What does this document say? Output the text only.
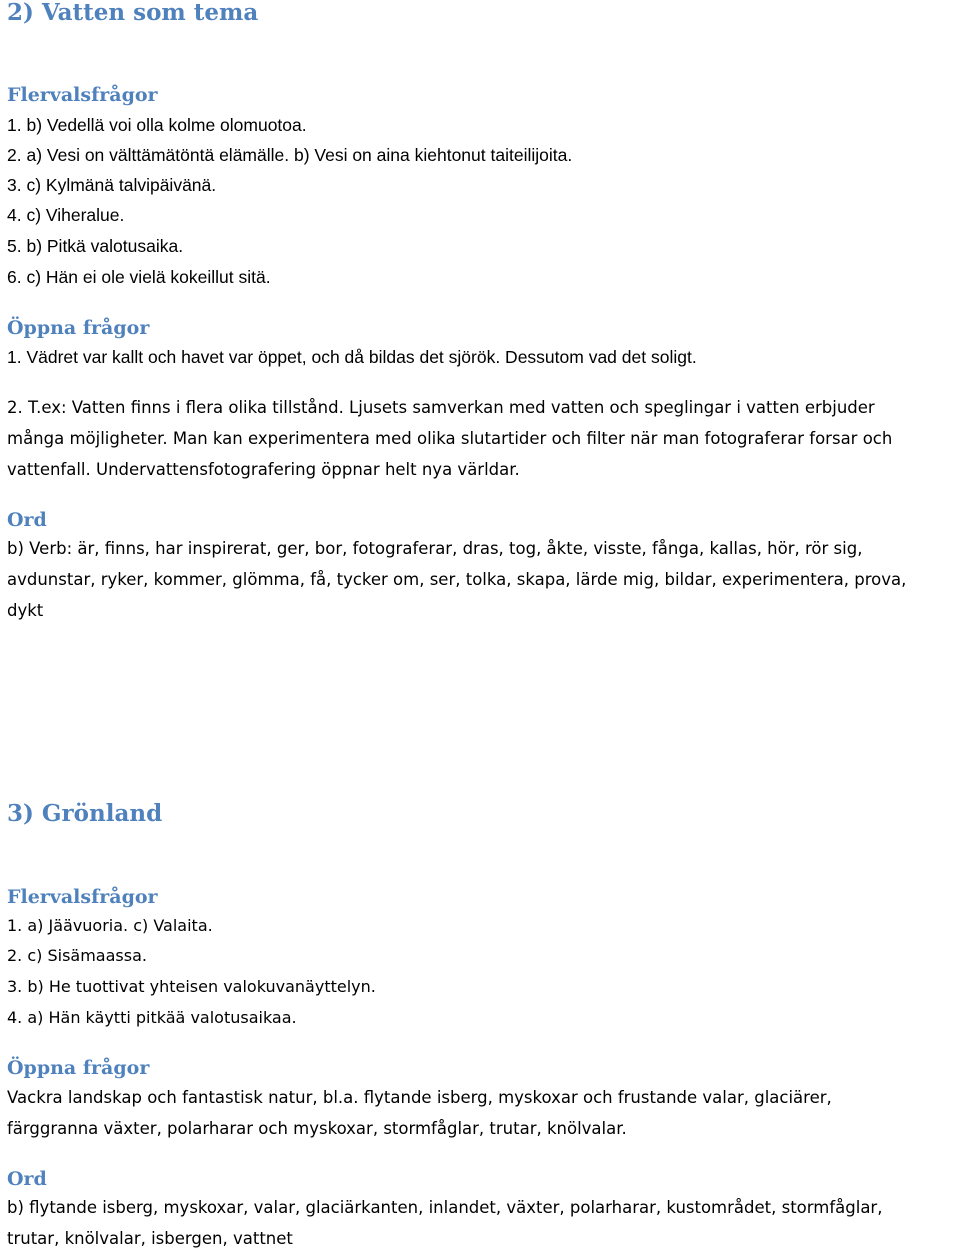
2) Vatten som tema
Flervalsfrågor
1. b) Vedellä voi olla kolme olomuotoa.
2. a) Vesi on välttämätöntä elämälle. b) Vesi on aina kiehtonut taiteilijoita.
3. c) Kylmänä talvipäivänä.
4. c) Viheralue.
5. b) Pitkä valotusaika.
6. c) Hän ei ole vielä kokeillut sitä.
Öppna frågor
1. Vädret var kallt och havet var öppet, och då bildas det sjörök. Dessutom vad det soligt.
2. T.ex: Vatten finns i flera olika tillstånd. Ljusets samverkan med vatten och speglingar i vatten erbjuder
många möjligheter. Man kan experimentera med olika slutartider och filter när man fotograferar forsar och
vattenfall. Undervattensfotografering öppnar helt nya världar.
Ord
b) Verb: är, finns, har inspirerat, ger, bor, fotograferar, dras, tog, åkte, visste, fånga, kallas, hör, rör sig,
avdunstar, ryker, kommer, glömma, få, tycker om, ser, tolka, skapa, lärde mig, bildar, experimentera, prova,
dykt
3) Grönland
Flervalsfrågor
1. a) Jäävuoria. c) Valaita.
2. c) Sisämaassa.
3. b) He tuottivat yhteisen valokuvanäyttelyn.
4. a) Hän käytti pitkää valotusaikaa.
Öppna frågor
Vackra landskap och fantastisk natur, bl.a. flytande isberg, myskoxar och frustande valar, glaciärer,
färggranna växter, polarharar och myskoxar, stormfåglar, trutar, knölvalar.
Ord
b) flytande isberg, myskoxar, valar, glaciärkanten, inlandet, växter, polarharar, kustområdet, stormfåglar,
trutar, knölvalar, isbergen, vattnet
